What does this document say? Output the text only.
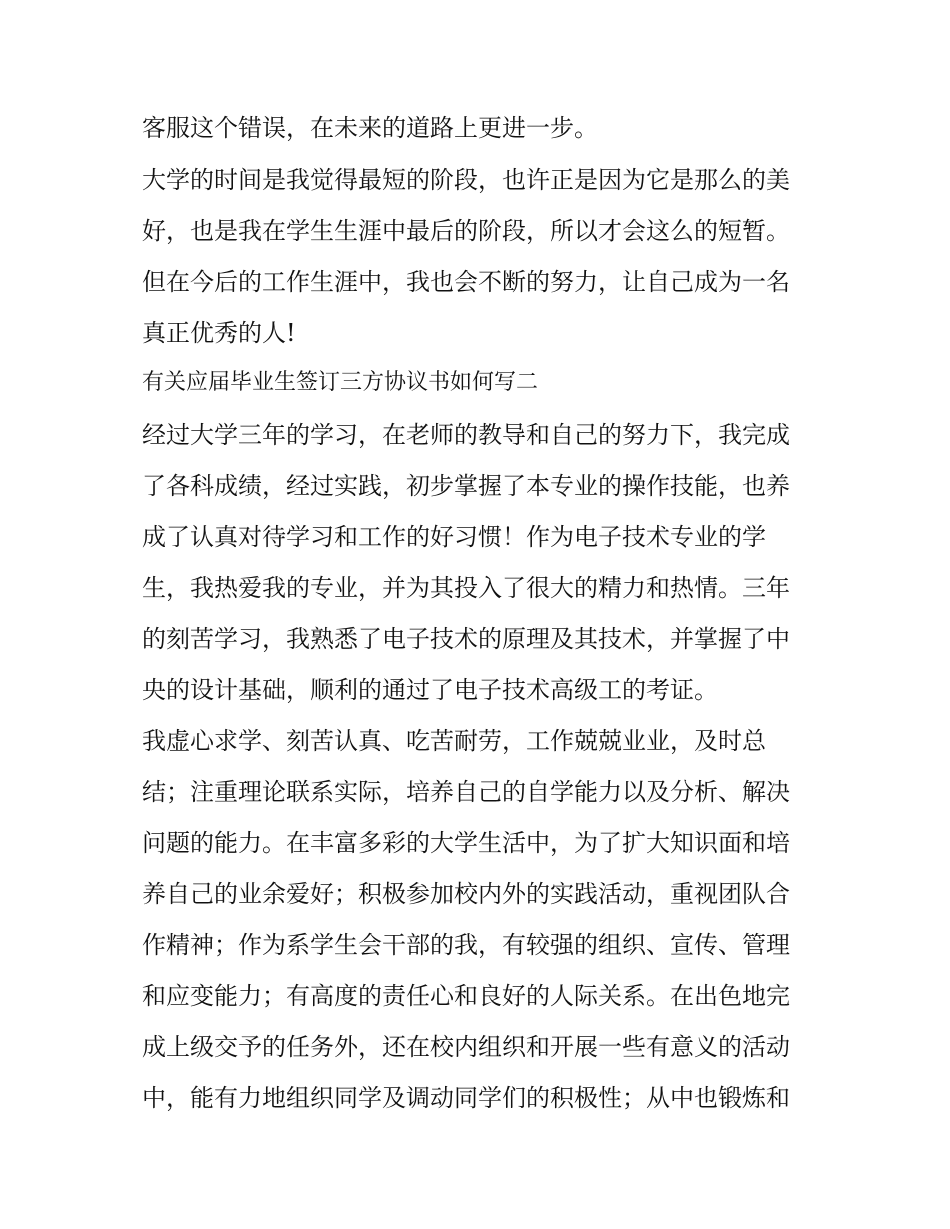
客服这个错误，在未来的道路上更进一步。
大学的时间是我觉得最短的阶段，也许正是因为它是那么的美
好，也是我在学生生涯中最后的阶段，所以才会这么的短暂。
但在今后的工作生涯中，我也会不断的努力，让自己成为一名
真正优秀的人!
有关应届毕业生签订三方协议书如何写二
经过大学三年的学习，在老师的教导和自己的努力下，我完成
了各科成绩，经过实践，初步掌握了本专业的操作技能，也养
成了认真对待学习和工作的好习惯！作为电子技术专业的学
生，我热爱我的专业，并为其投入了很大的精力和热情。三年
的刻苦学习，我熟悉了电子技术的原理及其技术，并掌握了中
央的设计基础，顺利的通过了电子技术高级工的考证。
我虚心求学、刻苦认真、吃苦耐劳，工作兢兢业业，及时总
结；注重理论联系实际，培养自己的自学能力以及分析、解决
问题的能力。在丰富多彩的大学生活中，为了扩大知识面和培
养自己的业余爱好；积极参加校内外的实践活动，重视团队合
作精神；作为系学生会干部的我，有较强的组织、宣传、管理
和应变能力；有高度的责任心和良好的人际关系。在出色地完
成上级交予的任务外，还在校内组织和开展一些有意义的活动
中，能有力地组织同学及调动同学们的积极性；从中也锻炼和
